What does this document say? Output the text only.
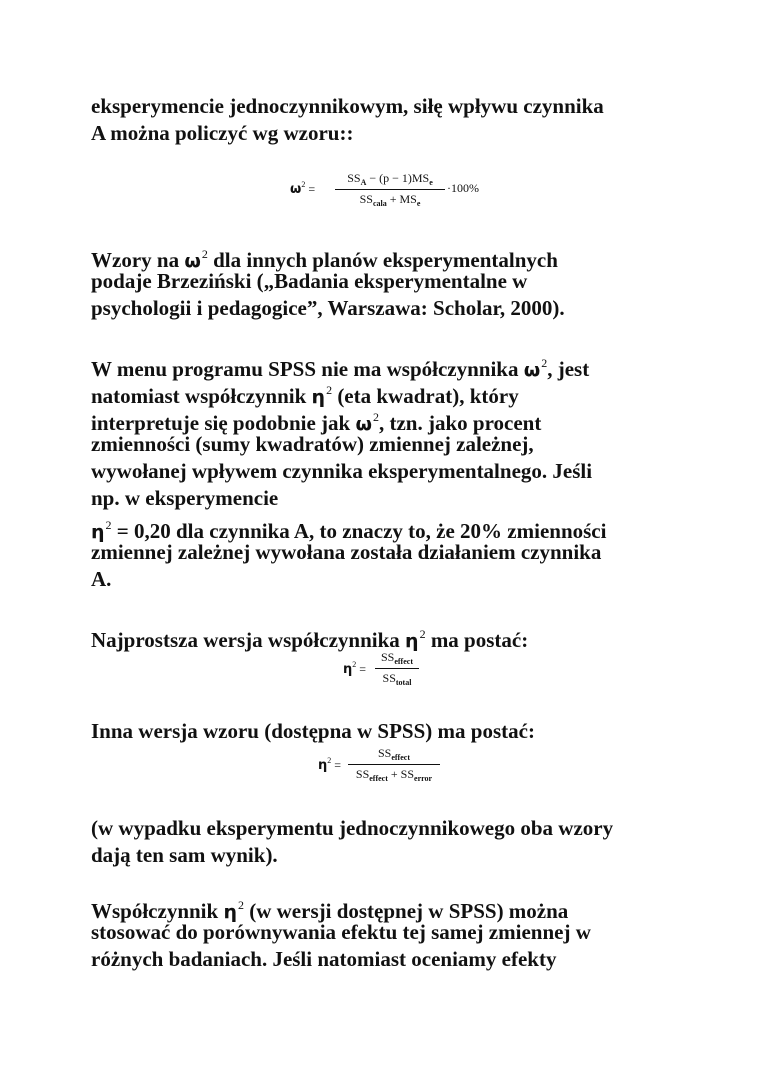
eksperymencie jednoczynnikowym, siłę wpływu czynnika
A można policzyć wg wzoru::
$\omega^2$ =
$SS_A - (p - 1)MS_e$
$SS_{cala} + MS_e$
·100%
Wzory na $\omega^2$ dla innych planów eksperymentalnych
podaje Brzeziński („Badania eksperymentalne w
psychologii i pedagogice”, Warszawa: Scholar, 2000).
W menu programu SPSS nie ma współczynnika $\omega^2$, jest
natomiast współczynnik $\eta^2$ (eta kwadrat), który
interpretuje się podobnie jak $\omega^2$, tzn. jako procent
zmienności (sumy kwadratów) zmiennej zależnej,
wywołanej wpływem czynnika eksperymentalnego. Jeśli
np. w eksperymencie
$\eta^2 = 0,20$ dla czynnika A, to znaczy to, że 20% zmienności
zmiennej zależnej wywołana została działaniem czynnika
A.
Najprostsza wersja współczynnika $\eta^2$ ma postać:
$\eta^2$ =
$SS_{effect}$
$SS_{total}$
Inna wersja wzoru (dostępna w SPSS) ma postać:
$\eta^2$ =
$SS_{effect}$
$SS_{effect} + SS_{error}$
(w wypadku eksperymentu jednoczynnikowego oba wzory
dają ten sam wynik).
Współczynnik $\eta^2$ (w wersji dostępnej w SPSS) można
stosować do porównywania efektu tej samej zmiennej w
różnych badaniach. Jeśli natomiast oceniamy efekty
